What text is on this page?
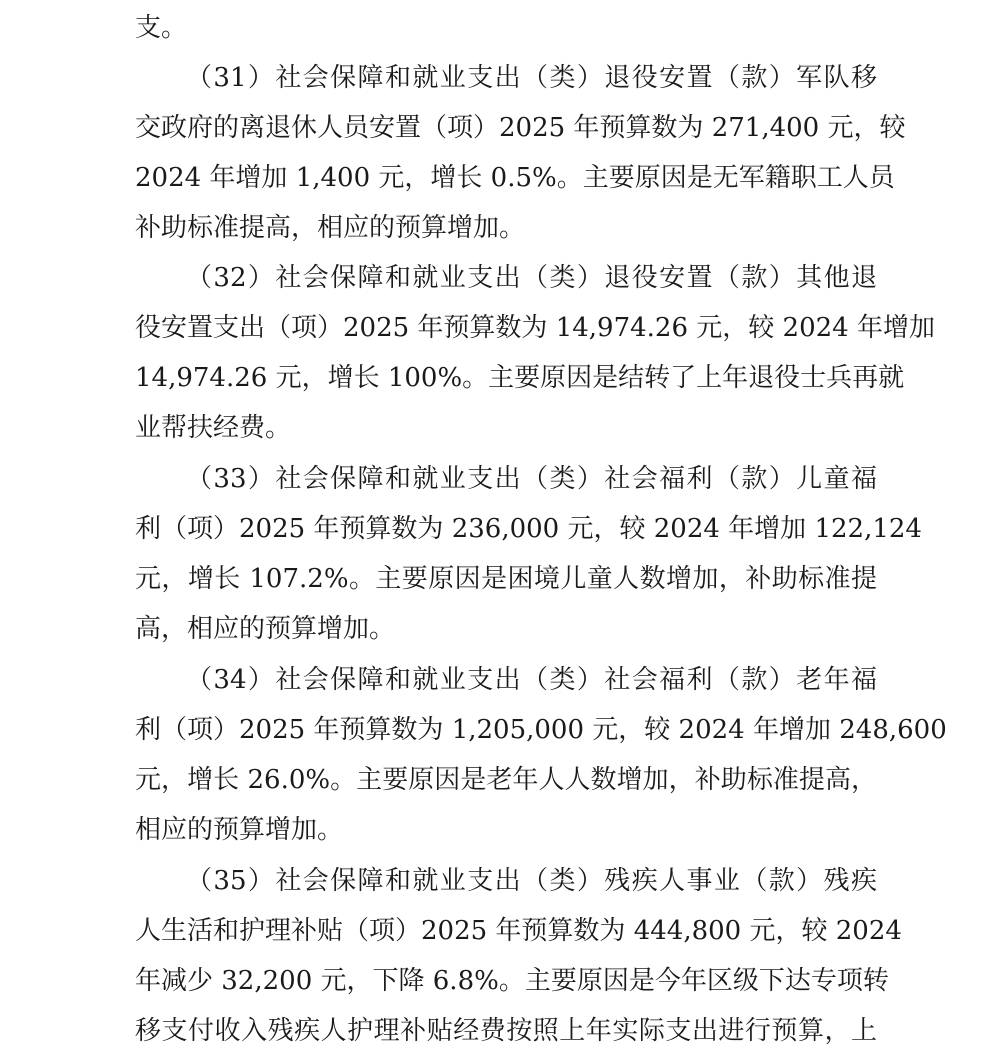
支。
（31）社会保障和就业支出（类）退役安置（款）军队移
交政府的离退休人员安置（项）2025 年预算数为 271,400 元，较
2024 年增加 1,400 元，增长 0.5%。主要原因是无军籍职工人员
补助标准提高，相应的预算增加。
（32）社会保障和就业支出（类）退役安置（款）其他退
役安置支出（项）2025 年预算数为 14,974.26 元，较 2024 年增加
14,974.26 元，增长 100%。主要原因是结转了上年退役士兵再就
业帮扶经费。
（33）社会保障和就业支出（类）社会福利（款）儿童福
利（项）2025 年预算数为 236,000 元，较 2024 年增加 122,124
元，增长 107.2%。主要原因是困境儿童人数增加，补助标准提
高，相应的预算增加。
（34）社会保障和就业支出（类）社会福利（款）老年福
利（项）2025 年预算数为 1,205,000 元，较 2024 年增加 248,600
元，增长 26.0%。主要原因是老年人人数增加，补助标准提高，
相应的预算增加。
（35）社会保障和就业支出（类）残疾人事业（款）残疾
人生活和护理补贴（项）2025 年预算数为 444,800 元，较 2024
年减少 32,200 元，下降 6.8%。主要原因是今年区级下达专项转
移支付收入残疾人护理补贴经费按照上年实际支出进行预算，上
